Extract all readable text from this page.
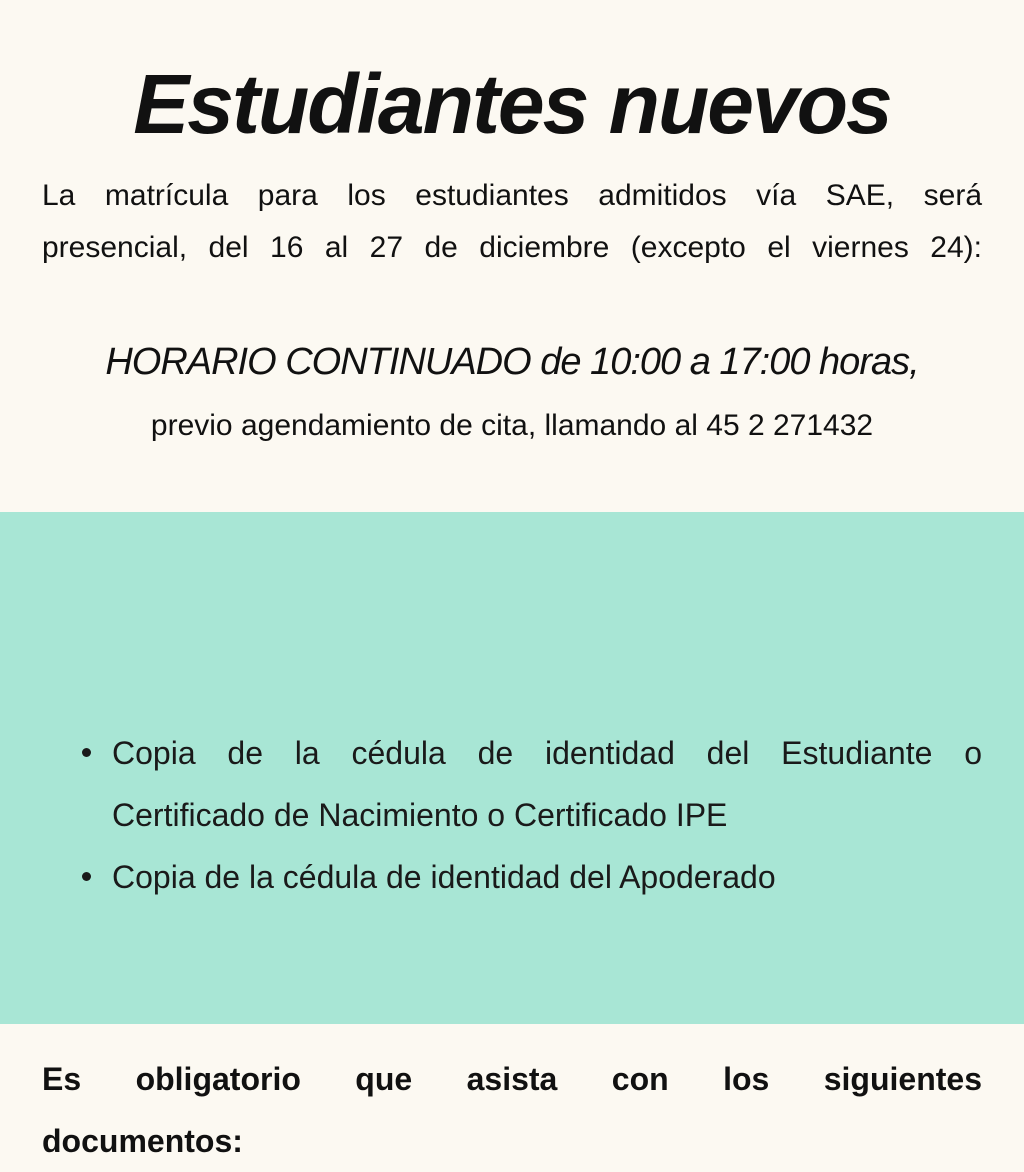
Estudiantes nuevos

La matrícula para los estudiantes admitidos vía SAE, será
presencial, del 16 al 27 de diciembre (excepto el viernes 24):

HORARIO CONTINUADO de 10:00 a 17:00 horas,

previo agendamiento de cita, llamando al 45 2 271432

Es obligatorio que asista con los siguientes
documentos:

Copia de la cédula de identidad del Estudiante o
Certificado de Nacimiento o Certificado IPE
Copia de la cédula de identidad del Apoderado
